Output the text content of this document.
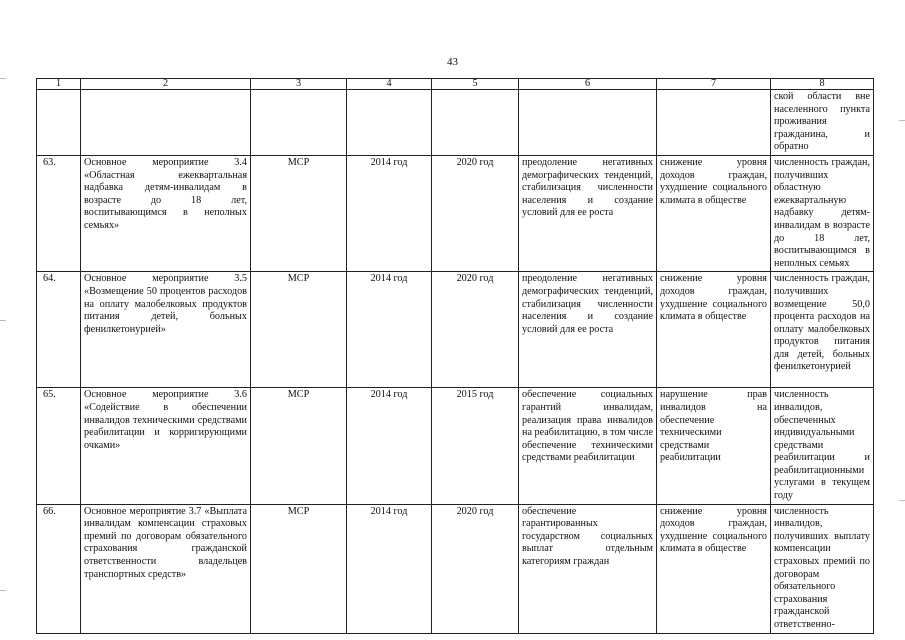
43
1	2	3	4	5	6	7	8
							ской области вне населенного пункта проживания гражданина, и обратно
63.	Основное мероприятие 3.4 «Областная ежеквартальная надбавка детям-инвалидам в возрасте до 18 лет, воспитывающимся в неполных семьях»	МСР	2014 год	2020 год	преодоление негативных демографических тенденций, стабилизация численности населения и создание условий для ее роста	снижение уровня доходов граждан, ухудшение социального климата в обществе	численность граждан, получивших областную ежеквартальную надбавку детям-инвалидам в возрасте до 18 лет, воспитывающимся в неполных семьях
64.	Основное мероприятие 3.5 «Возмещение 50 процентов расходов на оплату малобелковых продуктов питания детей, больных фенилкетонурией»	МСР	2014 год	2020 год	преодоление негативных демографических тенденций, стабилизация численности населения и создание условий для ее роста	снижение уровня доходов граждан, ухудшение социального климата в обществе	численность граждан, получивших возмещение 50,0 процента расходов на оплату малобелковых продуктов питания для детей, больных фенилкетонурией
65.	Основное мероприятие 3.6 «Содействие в обеспечении инвалидов техническими средствами реабилитации и корригирующими очками»	МСР	2014 год	2015 год	обеспечение социальных гарантий инвалидам, реализация права инвалидов на реабилитацию, в том числе обеспечение техническими средствами реабилитации	нарушение прав инвалидов на обеспечение техническими средствами реабилитации	численность инвалидов, обеспеченных индивидуальными средствами реабилитации и реабилитационными услугами в текущем году
66.	Основное мероприятие 3.7 «Выплата инвалидам компенсации страховых премий по договорам обязательного страхования гражданской ответственности владельцев транспортных средств»	МСР	2014 год	2020 год	обеспечение гарантированных государством социальных выплат отдельным категориям граждан	снижение уровня доходов граждан, ухудшение социального климата в обществе	численность инвалидов, получивших выплату компенсации страховых премий по договорам обязательного страхования гражданской ответственно-
